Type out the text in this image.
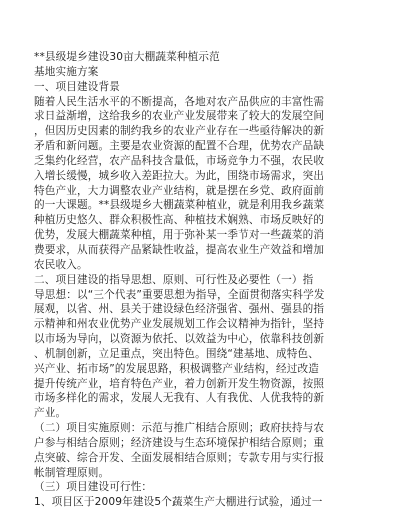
**县级堤乡建设30亩大棚蔬菜种植示范
基地实施方案
一、项目建设背景
随着人民生活水平的不断提高，各地对农产品供应的丰富性需
求日益渐增，这给我乡的农业产业发展带来了较大的发展空间
，但因历史因素的制约我乡的农业产业存在一些亟待解决的新
矛盾和新问题。主要是农业资源的配置不合理，优势农产品缺
乏集约化经营，农产品科技含量低，市场竞争力不强，农民收
入增长缓慢，城乡收入差距拉大。为此，围绕市场需求，突出
特色产业，大力调整农业产业结构，就是摆在乡党、政府面前
的一大课题。**县级堤乡大棚蔬菜种植业，就是利用我乡蔬菜
种植历史悠久、群众积极性高、种植技术娴熟、市场反映好的
优势，发展大棚蔬菜种植，用于弥补某一季节对一些蔬菜的消
费要求，从而获得产品紧缺性收益，提高农业生产效益和增加
农民收入。
二、项目建设的指导思想、原则、可行性及必要性（一）指
导思想：以“三个代表”重要思想为指导，全面贯彻落实科学发
展观，以省、州、县关于建设绿色经济强省、强州、强县的指
示精神和州农业优势产业发展规划工作会议精神为指针，坚持
以市场为导向，以资源为依托、以效益为中心，依靠科技创新
、机制创新，立足重点，突出特色。围绕“建基地、成特色、
兴产业、拓市场”的发展思路，积极调整产业结构，经过改造
提升传统产业，培育特色产业，着力创新开发生物资源，按照
市场多样化的需求，发展人无我有、人有我优、人优我特的新
产业。
（二）项目实施原则：示范与推广相结合原则；政府扶持与农
户参与相结合原则；经济建设与生态环境保护相结合原则；重
点突破、综合开发、全面发展相结合原则；专款专用与实行报
帐制管理原则。
（三）项目建设可行性：
1、项目区于2009年建设5个蔬菜生产大棚进行试验，通过一
